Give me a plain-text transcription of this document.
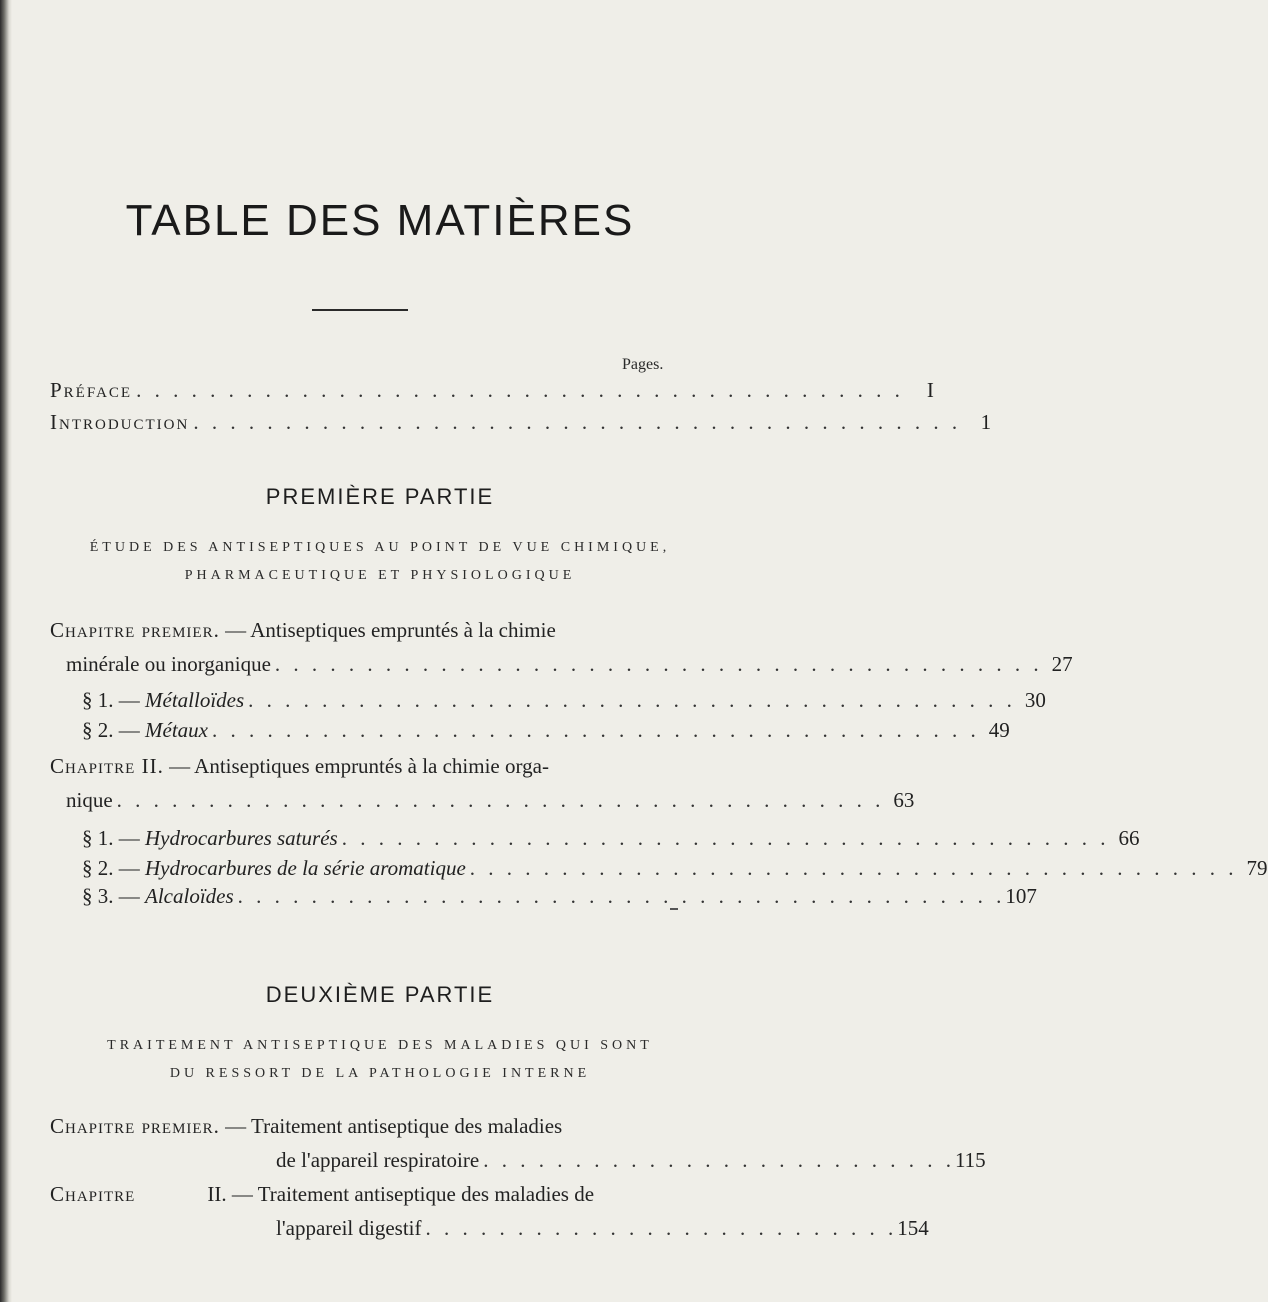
TABLE DES MATIÈRES
Pages.
Préface . . . . . . . . . . . . . . . . . . . . . . . . . . . . . . . . . . . . . . . . . .	I
Introduction . . . . . . . . . . . . . . . . . . . . . . . . . . . . . . . . . . . . . . . . . . 1
PREMIÈRE PARTIE
ÉTUDE DES ANTISEPTIQUES AU POINT DE VUE CHIMIQUE,
PHARMACEUTIQUE ET PHYSIOLOGIQUE
Chapitre premier. — Antiseptiques empruntés à la chimie
minérale ou inorganique . . . . . . . . . . . . . . . . . . . . . . . . . . . . . . . . . . . . . . . . . . 27
§ 1. — Métalloïdes . . . . . . . . . . . . . . . . . . . . . . . . . . . . . . . . . . . . . . . . . . 30
§ 2. — Métaux . . . . . . . . . . . . . . . . . . . . . . . . . . . . . . . . . . . . . . . . . . 49
Chapitre II. — Antiseptiques empruntés à la chimie orga-
nique . . . . . . . . . . . . . . . . . . . . . . . . . . . . . . . . . . . . . . . . . . 63
§ 1. — Hydrocarbures saturés . . . . . . . . . . . . . . . . . . . . . . . . . . . . . . . . . . . . . . . . . . 66
§ 2. — Hydrocarbures de la série aromatique . . . . . . . . . . . . . . . . . . . . . . . . . . . . . . . . . . . . . . . . . . 79
§ 3. — Alcaloïdes . . . . . . . . . . . . . . . . . . . . . . . . . . . . . . . . . . . . . . . . . . 107
DEUXIÈME PARTIE
TRAITEMENT ANTISEPTIQUE DES MALADIES QUI SONT
DU RESSORT DE LA PATHOLOGIE INTERNE
Chapitre premier. — Traitement antiseptique des maladies
de l'appareil respiratoire . . . . . . . . . . . . . . . . . . . . . . . . . . 115
Chapitre	II. — Traitement antiseptique des maladies de
l'appareil digestif . . . . . . . . . . . . . . . . . . . . . . . . . . 154
